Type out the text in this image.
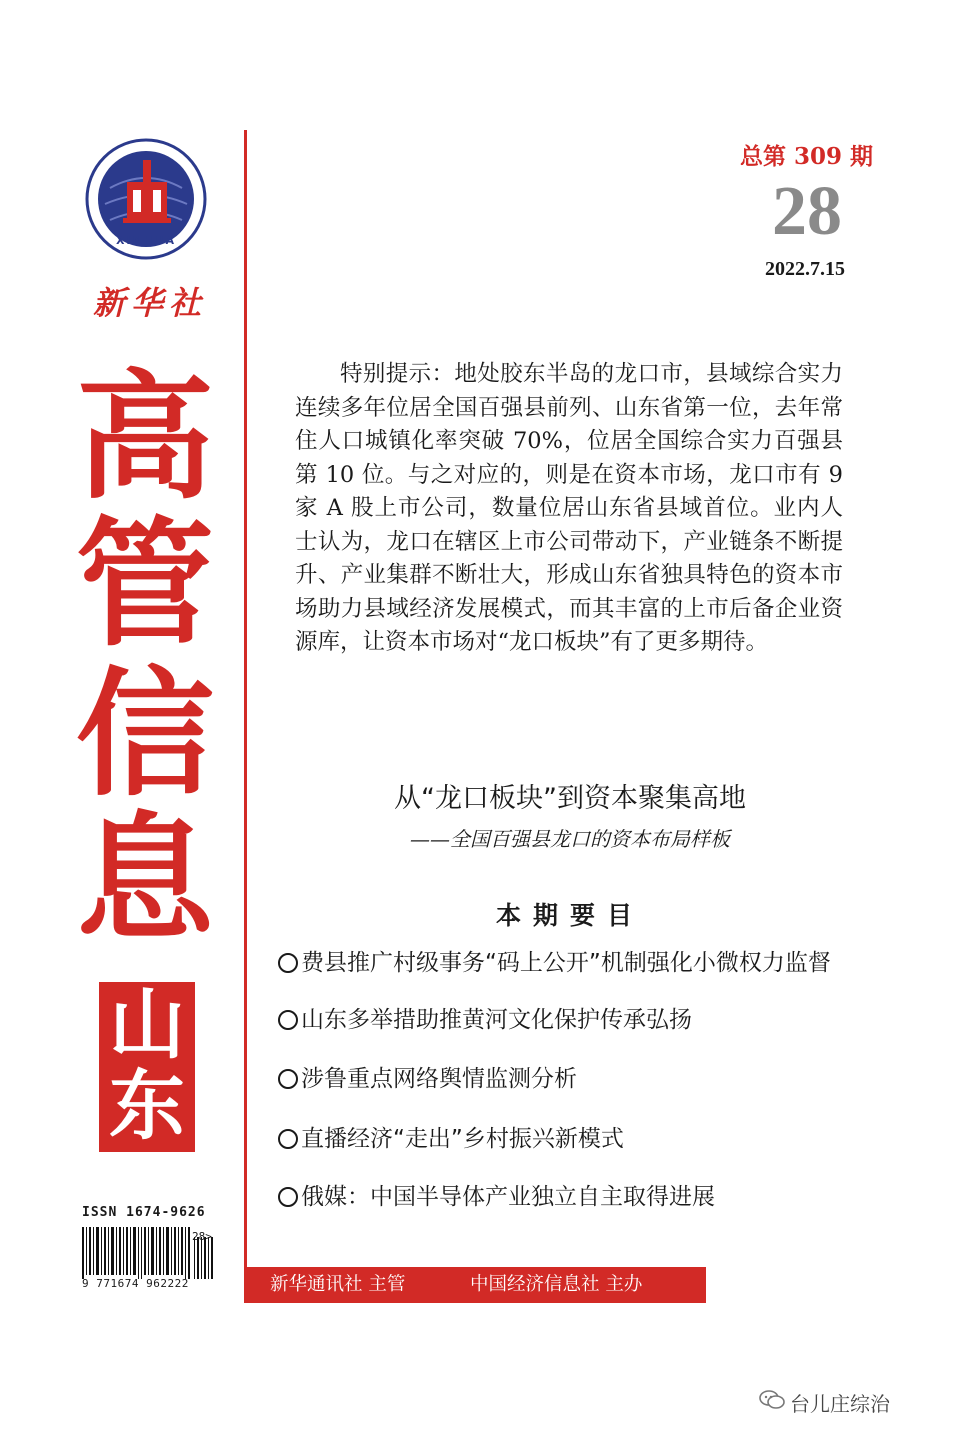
XINHUA
新华社
高
管
信
息
山
东
ISSN 1674-9626
28>
9 771674 962222
总第 309 期
28
2022.7.15
特别提示：地处胶东半岛的龙口市，县域综合实力连续多年位居全国百强县前列、山东省第一位，去年常住人口城镇化率突破 70%，位居全国综合实力百强县第 10 位。与之对应的，则是在资本市场，龙口市有 9 家 A 股上市公司，数量位居山东省县域首位。业内人士认为，龙口在辖区上市公司带动下，产业链条不断提升、产业集群不断壮大，形成山东省独具特色的资本市场助力县域经济发展模式，而其丰富的上市后备企业资源库，让资本市场对“龙口板块”有了更多期待。
从“龙口板块”到资本聚集高地
——全国百强县龙口的资本布局样板
本期要目
费县推广村级事务“码上公开”机制强化小微权力监督
山东多举措助推黄河文化保护传承弘扬
涉鲁重点网络舆情监测分析
直播经济“走出”乡村振兴新模式
俄媒：中国半导体产业独立自主取得进展
新华通讯社 主管	中国经济信息社 主办
台儿庄综治
